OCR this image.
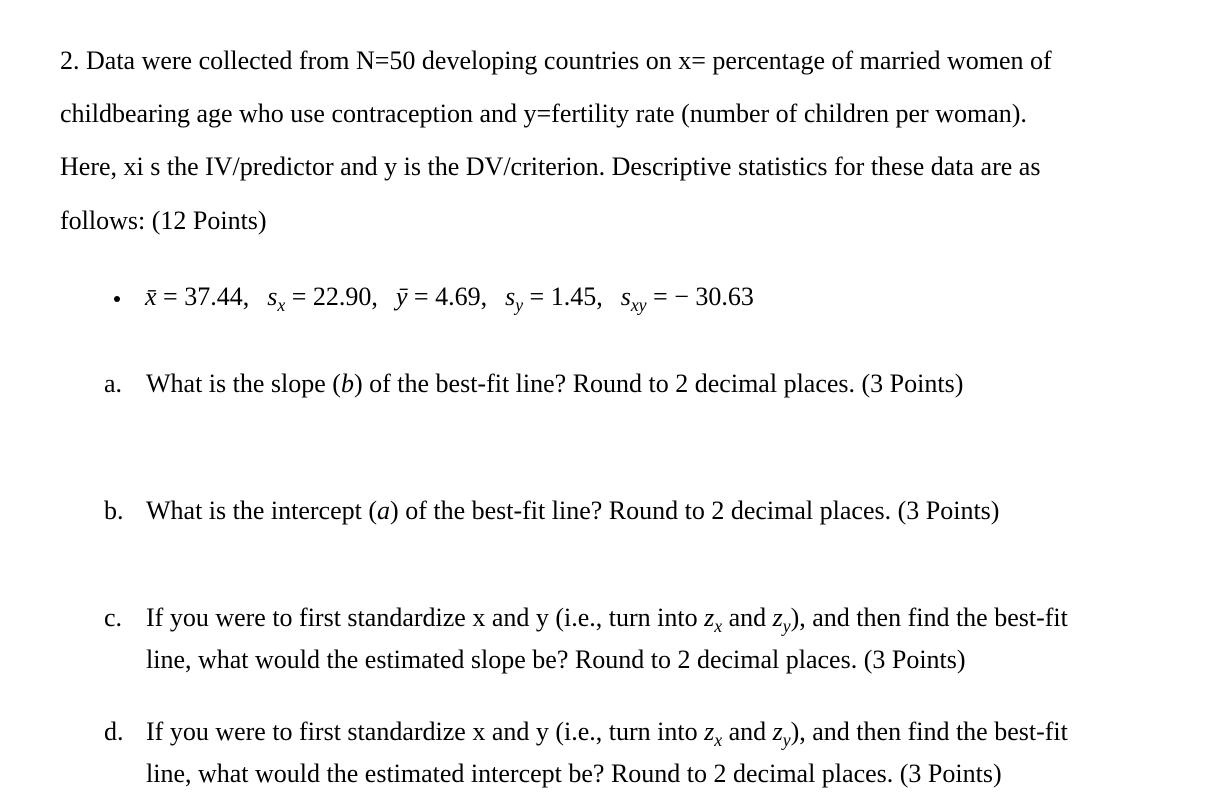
2. Data were collected from N=50 developing countries on x= percentage of married women of
childbearing age who use contraception and y=fertility rate (number of children per woman).
Here, xi s the IV/predictor and y is the DV/criterion. Descriptive statistics for these data are as
follows: (12 Points)
x̄ = 37.44, $s_x = 22.90$, ȳ = 4.69, $s_y = 1.45$, $s_{xy}$ = − 30.63
a. What is the slope (b) of the best-fit line? Round to 2 decimal places. (3 Points)
b. What is the intercept (a) of the best-fit line? Round to 2 decimal places. (3 Points)
c. If you were to first standardize x and y (i.e., turn into $z_x$ and $z_y$), and then find the best-fit
line, what would the estimated slope be? Round to 2 decimal places. (3 Points)
d. If you were to first standardize x and y (i.e., turn into $z_x$ and $z_y$), and then find the best-fit
line, what would the estimated intercept be? Round to 2 decimal places. (3 Points)
